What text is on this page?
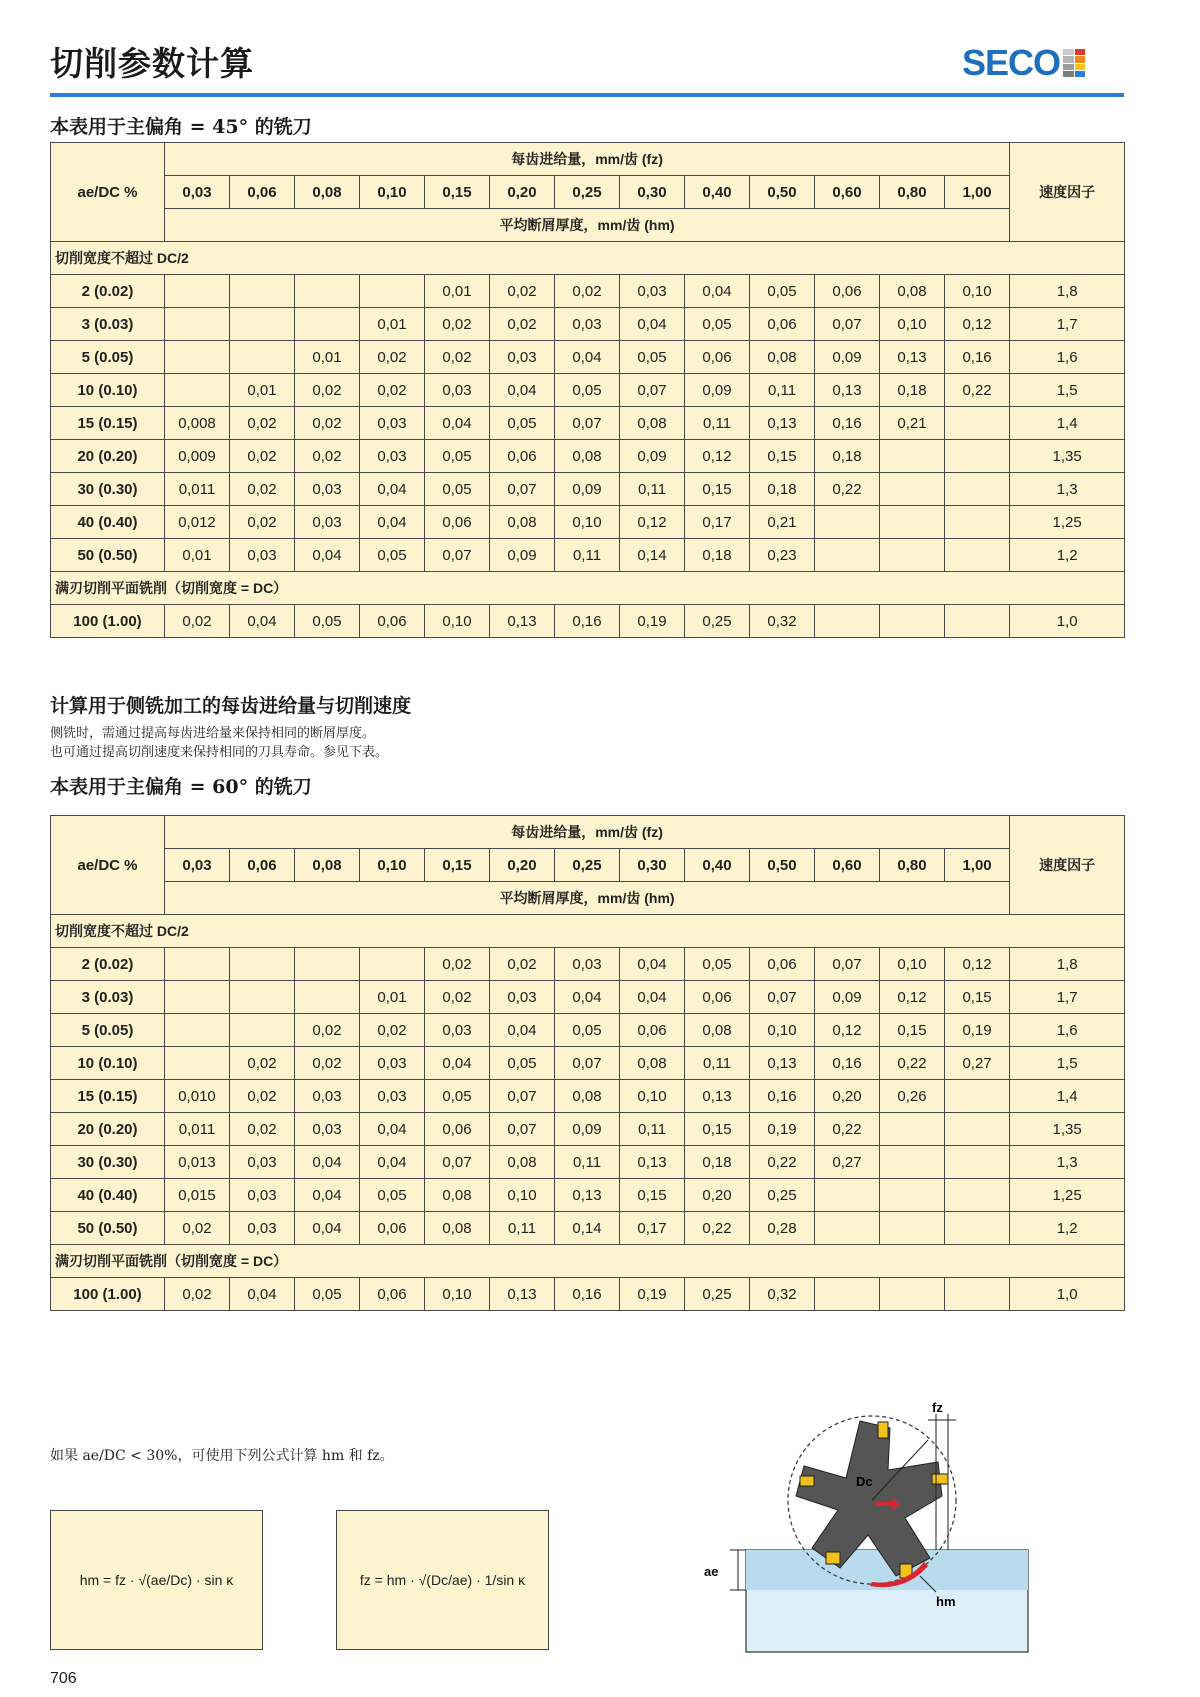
切削参数计算	SECO
本表用于主偏角 = 45° 的铣刀
ae/DC %	每齿进给量，mm/齿 (fz)													速度因子
	0,03	0,06	0,08	0,10	0,15	0,20	0,25	0,30	0,40	0,50	0,60	0,80	1,00	
	平均断屑厚度，mm/齿 (hm)													
切削宽度不超过 DC/2														
2 (0.02)					0,01	0,02	0,02	0,03	0,04	0,05	0,06	0,08	0,10	1,8
3 (0.03)				0,01	0,02	0,02	0,03	0,04	0,05	0,06	0,07	0,10	0,12	1,7
5 (0.05)			0,01	0,02	0,02	0,03	0,04	0,05	0,06	0,08	0,09	0,13	0,16	1,6
10 (0.10)		0,01	0,02	0,02	0,03	0,04	0,05	0,07	0,09	0,11	0,13	0,18	0,22	1,5
15 (0.15)	0,008	0,02	0,02	0,03	0,04	0,05	0,07	0,08	0,11	0,13	0,16	0,21		1,4
20 (0.20)	0,009	0,02	0,02	0,03	0,05	0,06	0,08	0,09	0,12	0,15	0,18			1,35
30 (0.30)	0,011	0,02	0,03	0,04	0,05	0,07	0,09	0,11	0,15	0,18	0,22			1,3
40 (0.40)	0,012	0,02	0,03	0,04	0,06	0,08	0,10	0,12	0,17	0,21				1,25
50 (0.50)	0,01	0,03	0,04	0,05	0,07	0,09	0,11	0,14	0,18	0,23				1,2
满刃切削平面铣削（切削宽度 = DC）														
100 (1.00)	0,02	0,04	0,05	0,06	0,10	0,13	0,16	0,19	0,25	0,32				1,0
计算用于侧铣加工的每齿进给量与切削速度
侧铣时，需通过提高每齿进给量来保持相同的断屑厚度。
也可通过提高切削速度来保持相同的刀具寿命。参见下表。
本表用于主偏角 = 60° 的铣刀
ae/DC %	每齿进给量，mm/齿 (fz)													速度因子
	0,03	0,06	0,08	0,10	0,15	0,20	0,25	0,30	0,40	0,50	0,60	0,80	1,00	
	平均断屑厚度，mm/齿 (hm)													
切削宽度不超过 DC/2														
2 (0.02)					0,02	0,02	0,03	0,04	0,05	0,06	0,07	0,10	0,12	1,8
3 (0.03)				0,01	0,02	0,03	0,04	0,04	0,06	0,07	0,09	0,12	0,15	1,7
5 (0.05)			0,02	0,02	0,03	0,04	0,05	0,06	0,08	0,10	0,12	0,15	0,19	1,6
10 (0.10)		0,02	0,02	0,03	0,04	0,05	0,07	0,08	0,11	0,13	0,16	0,22	0,27	1,5
15 (0.15)	0,010	0,02	0,03	0,03	0,05	0,07	0,08	0,10	0,13	0,16	0,20	0,26		1,4
20 (0.20)	0,011	0,02	0,03	0,04	0,06	0,07	0,09	0,11	0,15	0,19	0,22			1,35
30 (0.30)	0,013	0,03	0,04	0,04	0,07	0,08	0,11	0,13	0,18	0,22	0,27			1,3
40 (0.40)	0,015	0,03	0,04	0,05	0,08	0,10	0,13	0,15	0,20	0,25				1,25
50 (0.50)	0,02	0,03	0,04	0,06	0,08	0,11	0,14	0,17	0,22	0,28				1,2
满刃切削平面铣削（切削宽度 = DC）														
100 (1.00)	0,02	0,04	0,05	0,06	0,10	0,13	0,16	0,19	0,25	0,32				1,0
如果 ae/DC < 30%，可使用下列公式计算 hm 和 fz。
hm = fz · √(ae/Dc) · sin κ	fz = hm · √(Dc/ae) · 1/sin κ
fz
Dc
ae
hm
706
